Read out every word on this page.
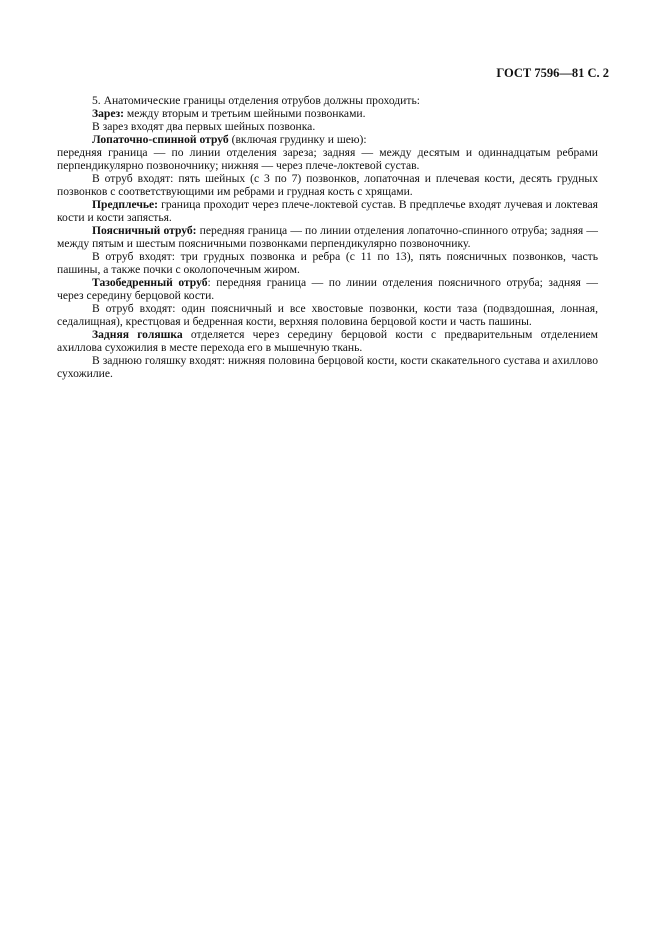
ГОСТ 7596—81 С. 2

5. Анатомические границы отделения отрубов должны проходить:

Зарез: между вторым и третьим шейными позвонками.

В зарез входят два первых шейных позвонка.

Лопаточно-спинной отруб (включая грудинку и шею):

передняя граница — по линии отделения зареза; задняя — между десятым и одиннадцатым ребрами перпендикулярно позвоночнику; нижняя — через плече-локтевой сустав.

В отруб входят: пять шейных (с 3 по 7) позвонков, лопаточная и плечевая кости, десять грудных позвонков с соответствующими им ребрами и грудная кость с хрящами.

Предплечье: граница проходит через плече-локтевой сустав. В предплечье входят лучевая и локтевая кости и кости запястья.

Поясничный отруб: передняя граница — по линии отделения лопаточно-спинного отруба; задняя — между пятым и шестым поясничными позвонками перпендикулярно позвоночнику.

В отруб входят: три грудных позвонка и ребра (с 11 по 13), пять поясничных позвонков, часть пашины, а также почки с околопочечным жиром.

Тазобедренный отруб: передняя граница — по линии отделения поясничного отруба; задняя — через середину берцовой кости.

В отруб входят: один поясничный и все хвостовые позвонки, кости таза (подвздошная, лонная, седалищная), крестцовая и бедренная кости, верхняя половина берцовой кости и часть пашины.

Задняя голяшка отделяется через середину берцовой кости с предварительным отделением ахиллова сухожилия в месте перехода его в мышечную ткань.

В заднюю голяшку входят: нижняя половина берцовой кости, кости скакательного сустава и ахиллово сухожилие.
